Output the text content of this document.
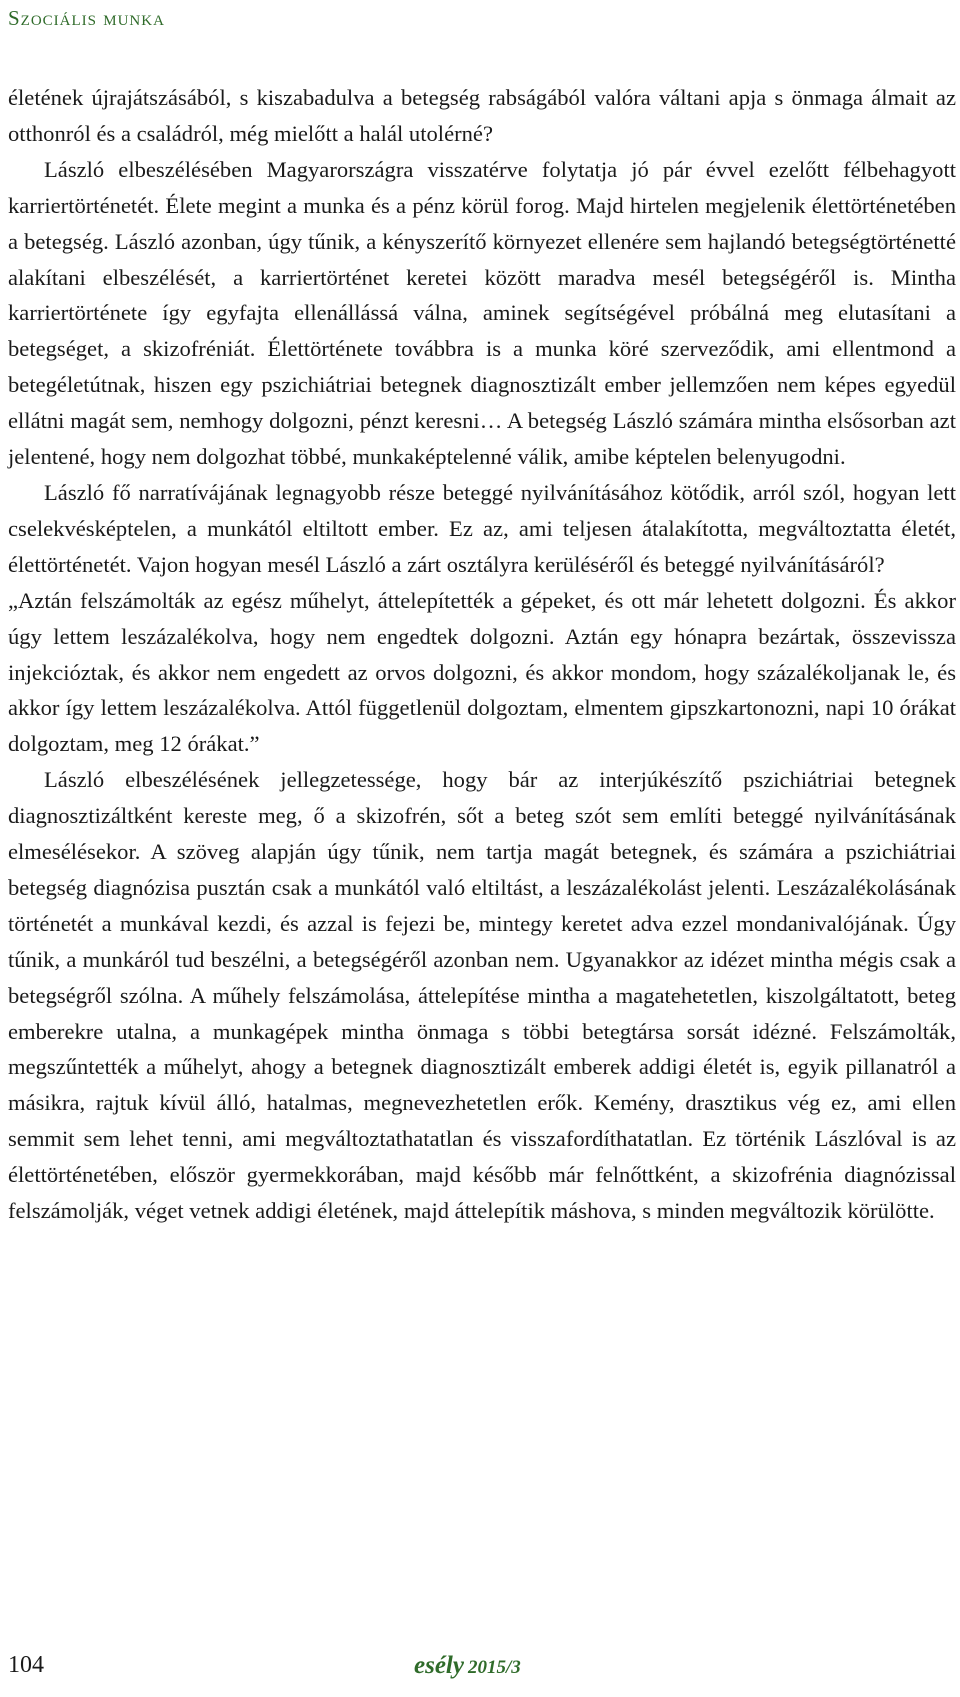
Szociális munka

életének újrajátszásából, s kiszabadulva a betegség rabságából valóra váltani apja s önmaga álmait az otthonról és a családról, még mielőtt a halál utolérné?

László elbeszélésében Magyarországra visszatérve folytatja jó pár évvel ezelőtt félbehagyott karriertörténetét. Élete megint a munka és a pénz körül forog. Majd hirtelen megjelenik élettörténetében a betegség. László azonban, úgy tűnik, a kényszerítő környezet ellenére sem hajlandó betegségtörténetté alakítani elbeszélését, a karriertörténet keretei között maradva mesél betegségéről is. Mintha karriertörténete így egyfajta ellenállássá válna, aminek segítségével próbálná meg elutasítani a betegséget, a skizofréniát. Élettörténete továbbra is a munka köré szerveződik, ami ellentmond a betegéletútnak, hiszen egy pszichiátriai betegnek diagnosztizált ember jellemzően nem képes egyedül ellátni magát sem, nemhogy dolgozni, pénzt keresni… A betegség László számára mintha elsősorban azt jelentené, hogy nem dolgozhat többé, munkaképtelenné válik, amibe képtelen belenyugodni.

László fő narratívájának legnagyobb része beteggé nyilvánításához kötődik, arról szól, hogyan lett cselekvésképtelen, a munkától eltiltott ember. Ez az, ami teljesen átalakította, megváltoztatta életét, élettörténetét. Vajon hogyan mesél László a zárt osztályra kerüléséről és beteggé nyilvánításáról?

„Aztán felszámolták az egész műhelyt, áttelepítették a gépeket, és ott már lehetett dolgozni. És akkor úgy lettem leszázalékolva, hogy nem engedtek dolgozni. Aztán egy hónapra bezártak, összevissza injekcióztak, és akkor nem engedett az orvos dolgozni, és akkor mondom, hogy százalékoljanak le, és akkor így lettem leszázalékolva. Attól függetlenül dolgoztam, elmentem gipszkartonozni, napi 10 órákat dolgoztam, meg 12 órákat.”

László elbeszélésének jellegzetessége, hogy bár az interjúkészítő pszichiátriai betegnek diagnosztizáltként kereste meg, ő a skizofrén, sőt a beteg szót sem említi beteggé nyilvánításának elmesélésekor. A szöveg alapján úgy tűnik, nem tartja magát betegnek, és számára a pszichiátriai betegség diagnózisa pusztán csak a munkától való eltiltást, a leszázalékolást jelenti. Leszázalékolásának történetét a munkával kezdi, és azzal is fejezi be, mintegy keretet adva ezzel mondanivalójának. Úgy tűnik, a munkáról tud beszélni, a betegségéről azonban nem. Ugyanakkor az idézet mintha mégis csak a betegségről szólna. A műhely felszámolása, áttelepítése mintha a magatehetetlen, kiszolgáltatott, beteg emberekre utalna, a munkagépek mintha önmaga s többi betegtársa sorsát idézné. Felszámolták, megszűntették a műhelyt, ahogy a betegnek diagnosztizált emberek addigi életét is, egyik pillanatról a másikra, rajtuk kívül álló, hatalmas, megnevezhetetlen erők. Kemény, drasztikus vég ez, ami ellen semmit sem lehet tenni, ami megváltoztathatatlan és visszafordíthatatlan. Ez történik Lászlóval is az élettörténetében, először gyermekkorában, majd később már felnőttként, a skizofrénia diagnózissal felszámolják, véget vetnek addigi életének, majd áttelepítik máshova, s minden megváltozik körülötte.

104	esély 2015/3
